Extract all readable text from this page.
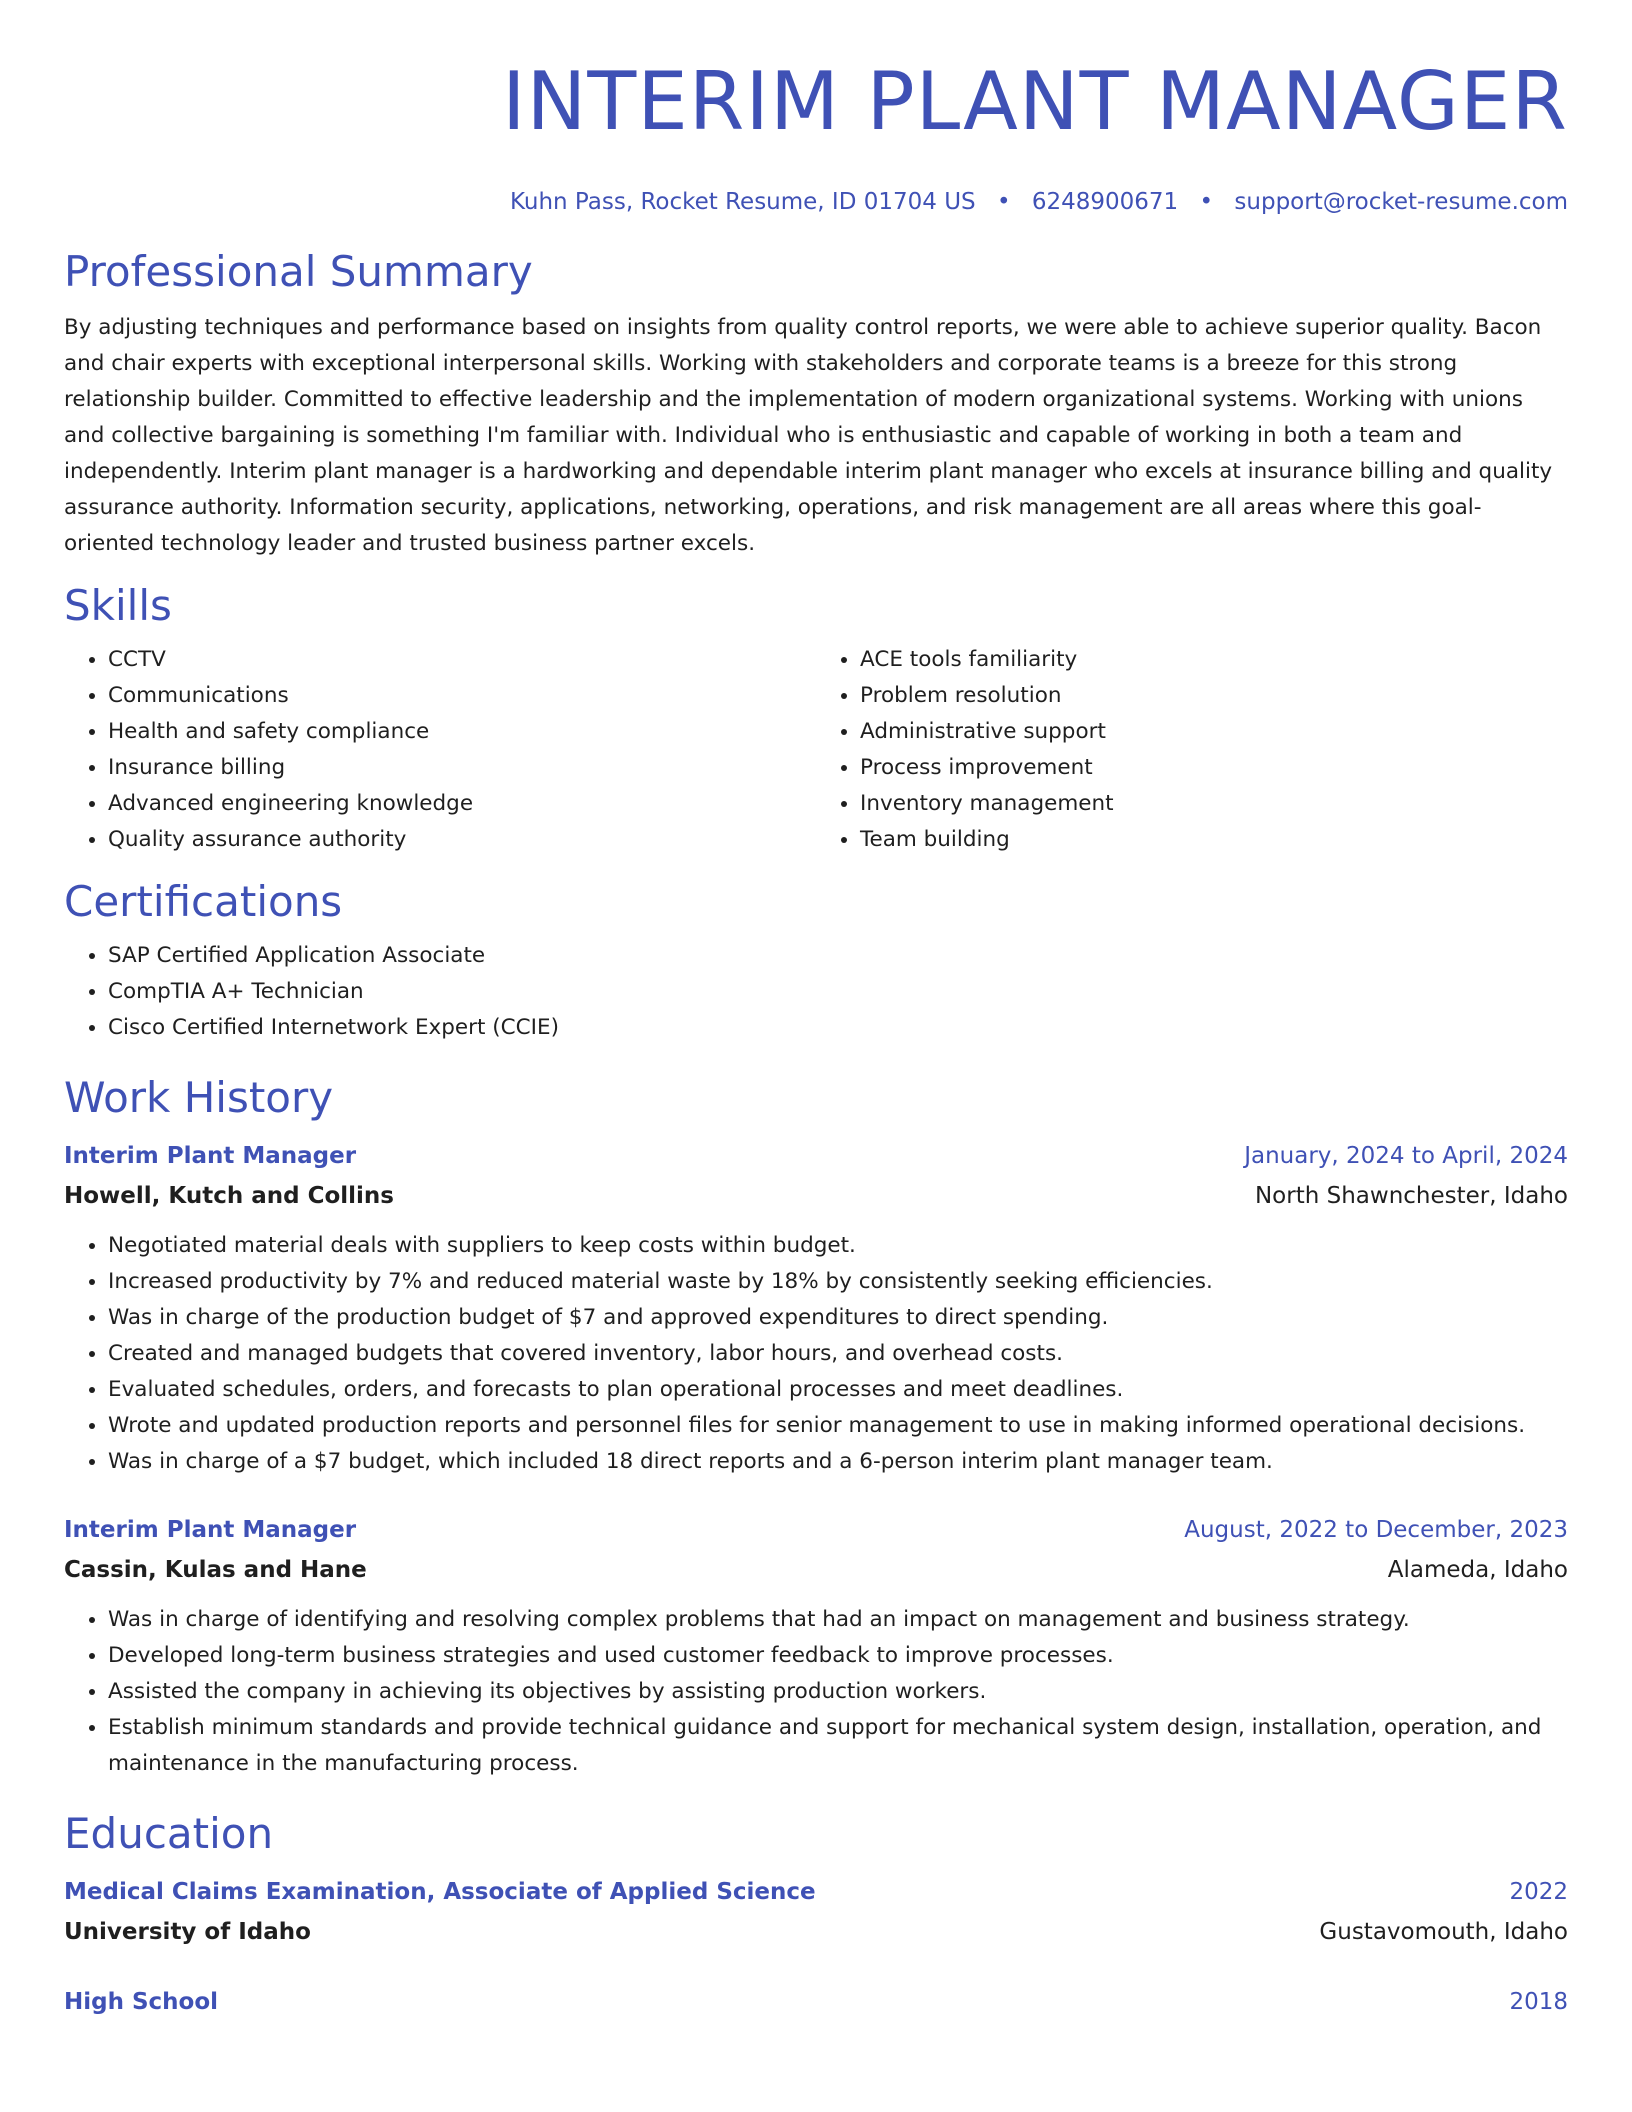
INTERIM PLANT MANAGER
Kuhn Pass, Rocket Resume, ID 01704 US • 6248900671 • support@rocket-resume.com
Professional Summary

By adjusting techniques and performance based on insights from quality control reports, we were able to achieve superior quality. Bacon and chair experts with exceptional interpersonal skills. Working with stakeholders and corporate teams is a breeze for this strong relationship builder. Committed to effective leadership and the implementation of modern organizational systems. Working with unions and collective bargaining is something I'm familiar with. Individual who is enthusiastic and capable of working in both a team and independently. Interim plant manager is a hardworking and dependable interim plant manager who excels at insurance billing and quality assurance authority. Information security, applications, networking, operations, and risk management are all areas where this goal-oriented technology leader and trusted business partner excels.

Skills
• CCTV
• Communications
• Health and safety compliance
• Insurance billing
• Advanced engineering knowledge
• Quality assurance authority
• ACE tools familiarity
• Problem resolution
• Administrative support
• Process improvement
• Inventory management
• Team building
Certifications
• SAP Certified Application Associate
• CompTIA A+ Technician
• Cisco Certified Internetwork Expert (CCIE)
Work History
Interim Plant Manager	January, 2024 to April, 2024
Howell, Kutch and Collins	North Shawnchester, Idaho
• Negotiated material deals with suppliers to keep costs within budget.
• Increased productivity by 7% and reduced material waste by 18% by consistently seeking efficiencies.
• Was in charge of the production budget of $7 and approved expenditures to direct spending.
• Created and managed budgets that covered inventory, labor hours, and overhead costs.
• Evaluated schedules, orders, and forecasts to plan operational processes and meet deadlines.
• Wrote and updated production reports and personnel files for senior management to use in making informed operational decisions.
• Was in charge of a $7 budget, which included 18 direct reports and a 6-person interim plant manager team.
Interim Plant Manager	August, 2022 to December, 2023
Cassin, Kulas and Hane	Alameda, Idaho
• Was in charge of identifying and resolving complex problems that had an impact on management and business strategy.
• Developed long-term business strategies and used customer feedback to improve processes.
• Assisted the company in achieving its objectives by assisting production workers.
• Establish minimum standards and provide technical guidance and support for mechanical system design, installation, operation, and maintenance in the manufacturing process.
Education
Medical Claims Examination, Associate of Applied Science	2022
University of Idaho	Gustavomouth, Idaho
High School	2018
